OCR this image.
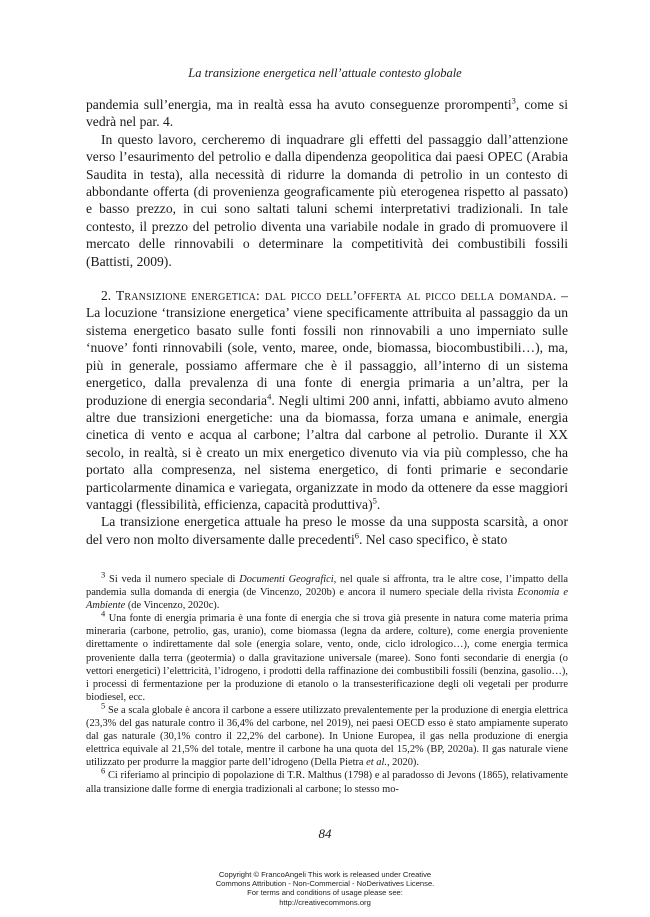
La transizione energetica nell’attuale contesto globale

pandemia sull’energia, ma in realtà essa ha avuto conseguenze prorompenti$^3$, come si vedrà nel par. 4.

In questo lavoro, cercheremo di inquadrare gli effetti del passaggio dall’attenzione verso l’esaurimento del petrolio e dalla dipendenza geopolitica dai paesi OPEC (Arabia Saudita in testa), alla necessità di ridurre la domanda di petrolio in un contesto di abbondante offerta (di provenienza geograficamente più eterogenea rispetto al passato) e basso prezzo, in cui sono saltati taluni schemi interpretativi tradizionali. In tale contesto, il prezzo del petrolio diventa una variabile nodale in grado di promuovere il mercato delle rinnovabili o determinare la competitività dei combustibili fossili (Battisti, 2009).

2. Transizione energetica: dal picco dell’offerta al picco della domanda. – La locuzione ‘transizione energetica’ viene specificamente attribuita al passaggio da un sistema energetico basato sulle fonti fossili non rinnovabili a uno imperniato sulle ‘nuove’ fonti rinnovabili (sole, vento, maree, onde, biomassa, biocombustibili…), ma, più in generale, possiamo affermare che è il passaggio, all’interno di un sistema energetico, dalla prevalenza di una fonte di energia primaria a un’altra, per la produzione di energia secondaria$^4$. Negli ultimi 200 anni, infatti, abbiamo avuto almeno altre due transizioni energetiche: una da biomassa, forza umana e animale, energia cinetica di vento e acqua al carbone; l’altra dal carbone al petrolio. Durante il XX secolo, in realtà, si è creato un mix energetico divenuto via via più complesso, che ha portato alla compresenza, nel sistema energetico, di fonti primarie e secondarie particolarmente dinamica e variegata, organizzate in modo da ottenere da esse maggiori vantaggi (flessibilità, efficienza, capacità produttiva)$^5$.

La transizione energetica attuale ha preso le mosse da una supposta scarsità, a onor del vero non molto diversamente dalle precedenti$^6$. Nel caso specifico, è stato

$^3$ Si veda il numero speciale di Documenti Geografici, nel quale si affronta, tra le altre cose, l’impatto della pandemia sulla domanda di energia (de Vincenzo, 2020b) e ancora il numero speciale della rivista Economia e Ambiente (de Vincenzo, 2020c).

$^4$ Una fonte di energia primaria è una fonte di energia che si trova già presente in natura come materia prima mineraria (carbone, petrolio, gas, uranio), come biomassa (legna da ardere, colture), come energia proveniente direttamente o indirettamente dal sole (energia solare, vento, onde, ciclo idrologico…), come energia termica proveniente dalla terra (geotermia) o dalla gravitazione universale (maree). Sono fonti secondarie di energia (o vettori energetici) l’elettricità, l’idrogeno, i prodotti della raffinazione dei combustibili fossili (benzina, gasolio…), i processi di fermentazione per la produzione di etanolo o la transesterificazione degli oli vegetali per produrre biodiesel, ecc.

$^5$ Se a scala globale è ancora il carbone a essere utilizzato prevalentemente per la produzione di energia elettrica (23,3% del gas naturale contro il 36,4% del carbone, nel 2019), nei paesi OECD esso è stato ampiamente superato dal gas naturale (30,1% contro il 22,2% del carbone). In Unione Europea, il gas nella produzione di energia elettrica equivale al 21,5% del totale, mentre il carbone ha una quota del 15,2% (BP, 2020a). Il gas naturale viene utilizzato per produrre la maggior parte dell’idrogeno (Della Pietra et al., 2020).

$^6$ Ci riferiamo al principio di popolazione di T.R. Malthus (1798) e al paradosso di Jevons (1865), relativamente alla transizione dalle forme di energia tradizionali al carbone; lo stesso mo-

84
Copyright © FrancoAngeli This work is released under Creative
Commons Attribution - Non-Commercial - NoDerivatives License.
For terms and conditions of usage please see:
http://creativecommons.org
